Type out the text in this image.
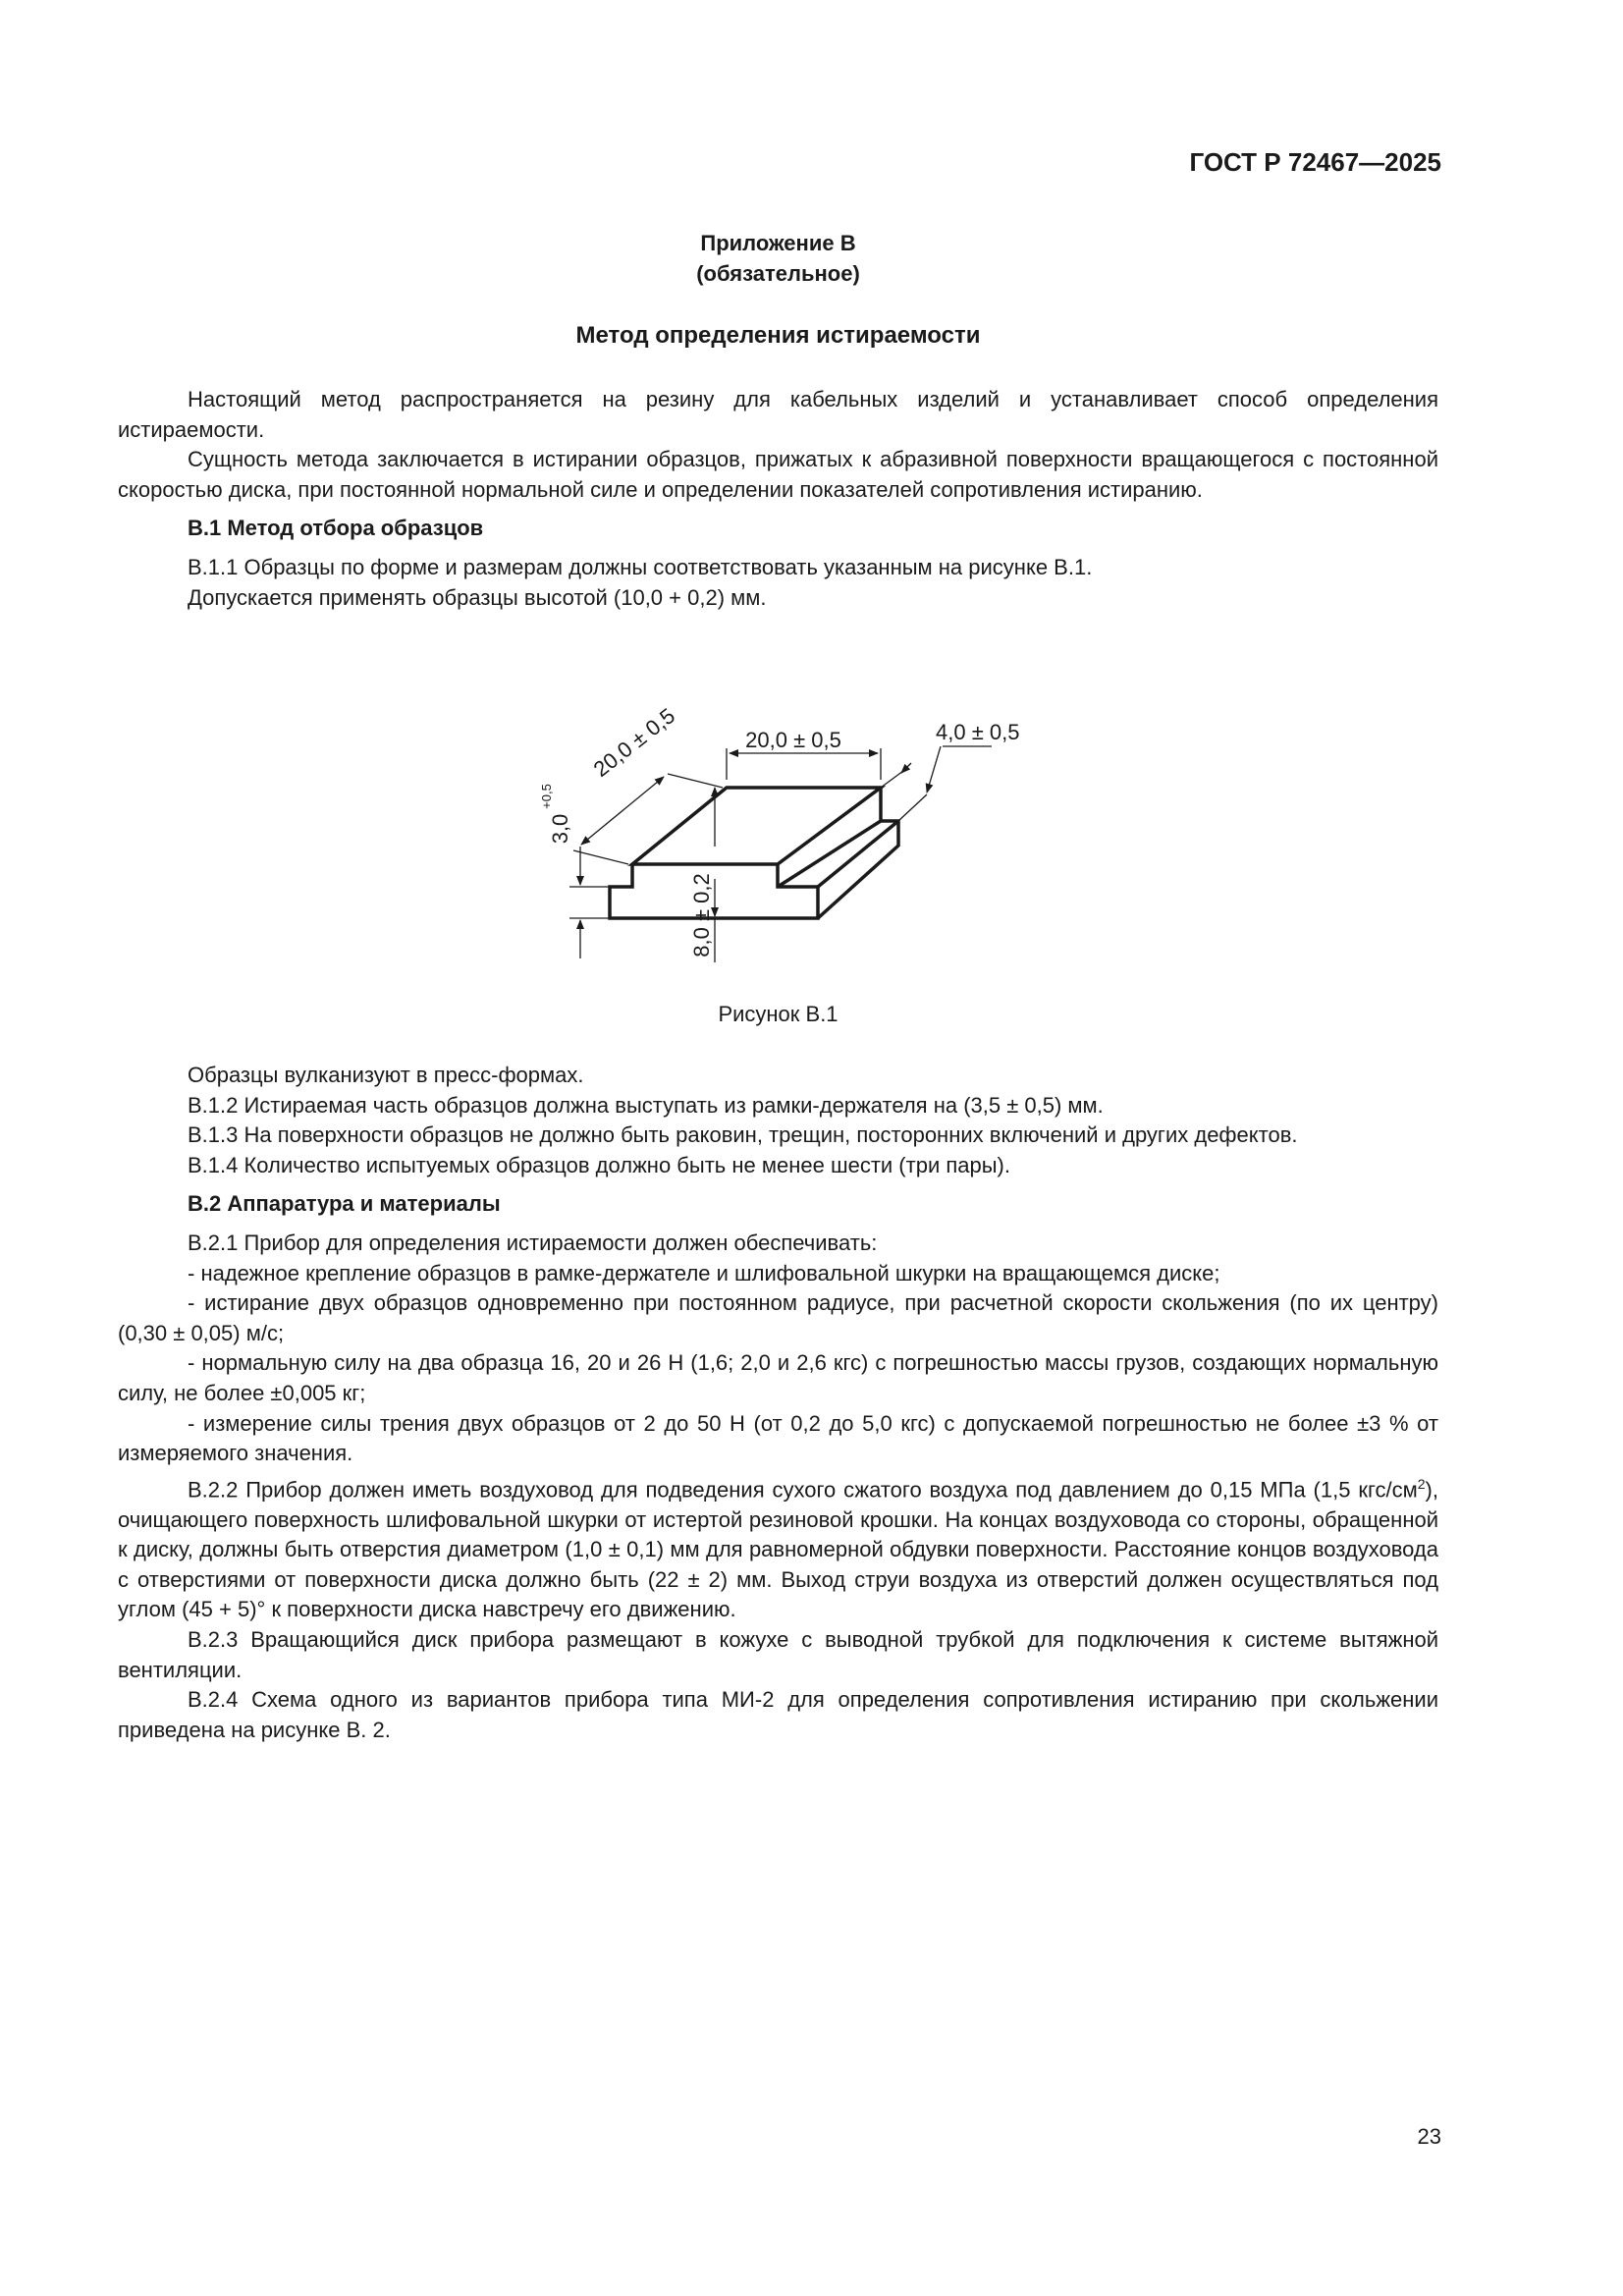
ГОСТ Р 72467—2025
Приложение В
(обязательное)
Метод определения истираемости

Настоящий метод распространяется на резину для кабельных изделий и устанавливает способ определения истираемости.

Сущность метода заключается в истирании образцов, прижатых к абразивной поверхности вращающегося с постоянной скоростью диска, при постоянной нормальной силе и определении показателей сопротивления истиранию.

В.1 Метод отбора образцов

В.1.1 Образцы по форме и размерам должны соответствовать указанным на рисунке В.1.

Допускается применять образцы высотой (10,0 + 0,2) мм.

20,0 ± 0,5
20,0 ± 0,5	4,0 ± 0,5
3,0
+0,5
8,0 ± 0,2
Рисунок В.1

Образцы вулканизуют в пресс-формах.

В.1.2 Истираемая часть образцов должна выступать из рамки-держателя на (3,5 ± 0,5) мм.

В.1.3 На поверхности образцов не должно быть раковин, трещин, посторонних включений и других дефектов.

В.1.4 Количество испытуемых образцов должно быть не менее шести (три пары).

В.2 Аппаратура и материалы

В.2.1 Прибор для определения истираемости должен обеспечивать:

- надежное крепление образцов в рамке-держателе и шлифовальной шкурки на вращающемся диске;

- истирание двух образцов одновременно при постоянном радиусе, при расчетной скорости скольжения (по их центру) (0,30 ± 0,05) м/с;

- нормальную силу на два образца 16, 20 и 26 Н (1,6; 2,0 и 2,6 кгс) с погрешностью массы грузов, создающих нормальную силу, не более ±0,005 кг;

- измерение силы трения двух образцов от 2 до 50 Н (от 0,2 до 5,0 кгс) с допускаемой погрешностью не более ±3 % от измеряемого значения.

В.2.2 Прибор должен иметь воздуховод для подведения сухого сжатого воздуха под давлением до 0,15 МПа (1,5 кгс/$см^2$), очищающего поверхность шлифовальной шкурки от истертой резиновой крошки. На концах воздуховода со стороны, обращенной к диску, должны быть отверстия диаметром (1,0 ± 0,1) мм для равномерной обдувки поверхности. Расстояние концов воздуховода с отверстиями от поверхности диска должно быть (22 ± 2) мм. Выход струи воздуха из отверстий должен осуществляться под углом (45 + 5)° к поверхности диска навстречу его движению.

В.2.3 Вращающийся диск прибора размещают в кожухе с выводной трубкой для подключения к системе вытяжной вентиляции.

В.2.4 Схема одного из вариантов прибора типа МИ-2 для определения сопротивления истиранию при скольжении приведена на рисунке В. 2.

23
